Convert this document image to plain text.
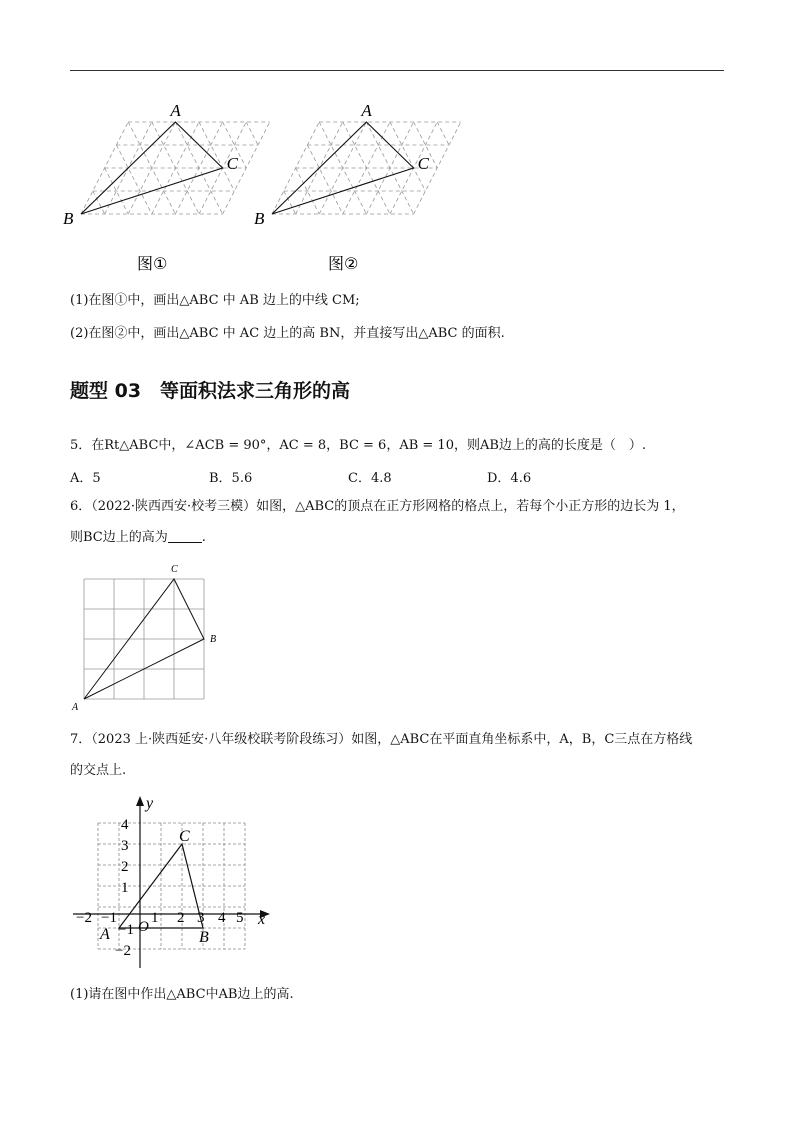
A
B
C
A
B
C
图①	图②
(1)在图①中，画出△ABC 中 AB 边上的中线 CM;
(2)在图②中，画出△ABC 中 AC 边上的高 BN，并直接写出△ABC 的面积.
题型 03　等面积法求三角形的高
5．在Rt△ABC中，∠ACB = 90°，AC = 8，BC = 6，AB = 10，则AB边上的高的长度是（　）.
A．5	B．5.6	C．4.8	D．4.6
6．（2022·陕西西安·校考三模）如图，△ABC的顶点在正方形网格的格点上，若每个小正方形的边长为 1，
则BC边上的高为	.
C
B
A
7．（2023 上·陕西延安·八年级校联考阶段练习）如图，△ABC在平面直角坐标系中，A，B，C三点在方格线
的交点上.
y
x
O
−2 −1 1 2 3 4 5
4
3
2
1
−1
−2
A	B
C
(1)请在图中作出△ABC中AB边上的高.
